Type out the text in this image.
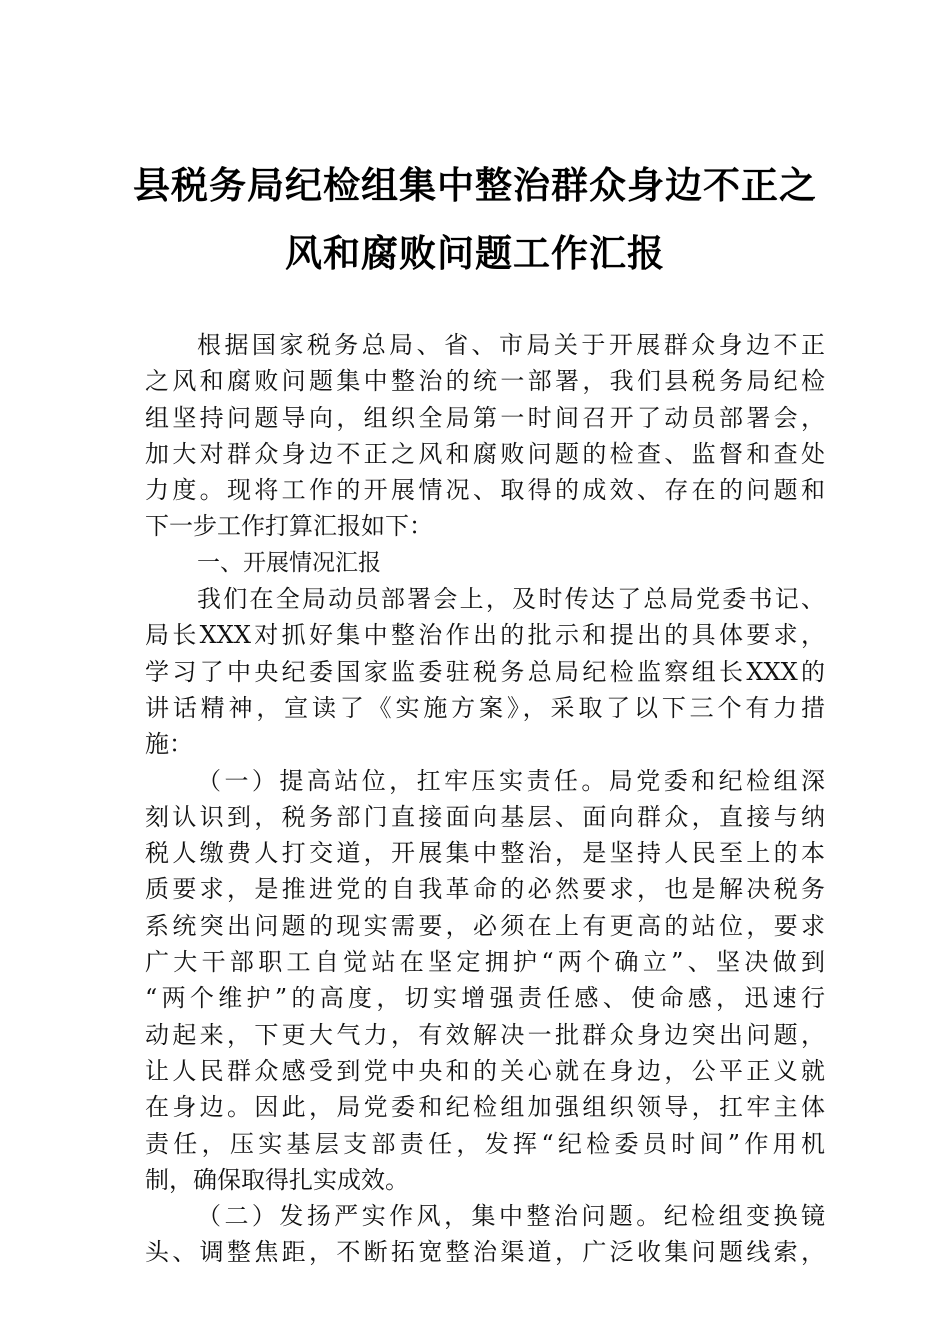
县税务局纪检组集中整治群众身边不正之
风和腐败问题工作汇报
根据国家税务总局、省、市局关于开展群众身边不正
之风和腐败问题集中整治的统一部署，我们县税务局纪检
组坚持问题导向，组织全局第一时间召开了动员部署会，
加大对群众身边不正之风和腐败问题的检查、监督和查处
力度。现将工作的开展情况、取得的成效、存在的问题和
下一步工作打算汇报如下：
一、开展情况汇报
我们在全局动员部署会上，及时传达了总局党委书记、
局长XXX对抓好集中整治作出的批示和提出的具体要求，
学习了中央纪委国家监委驻税务总局纪检监察组长XXX的
讲话精神，宣读了《实施方案》，采取了以下三个有力措
施：
（一）提高站位，扛牢压实责任。局党委和纪检组深
刻认识到，税务部门直接面向基层、面向群众，直接与纳
税人缴费人打交道，开展集中整治，是坚持人民至上的本
质要求，是推进党的自我革命的必然要求，也是解决税务
系统突出问题的现实需要，必须在上有更高的站位，要求
广大干部职工自觉站在坚定拥护“两个确立”、坚决做到
“两个维护”的高度，切实增强责任感、使命感，迅速行
动起来，下更大气力，有效解决一批群众身边突出问题，
让人民群众感受到党中央和的关心就在身边，公平正义就
在身边。因此，局党委和纪检组加强组织领导，扛牢主体
责任，压实基层支部责任，发挥“纪检委员时间”作用机
制，确保取得扎实成效。
（二）发扬严实作风，集中整治问题。纪检组变换镜
头、调整焦距，不断拓宽整治渠道，广泛收集问题线索，
